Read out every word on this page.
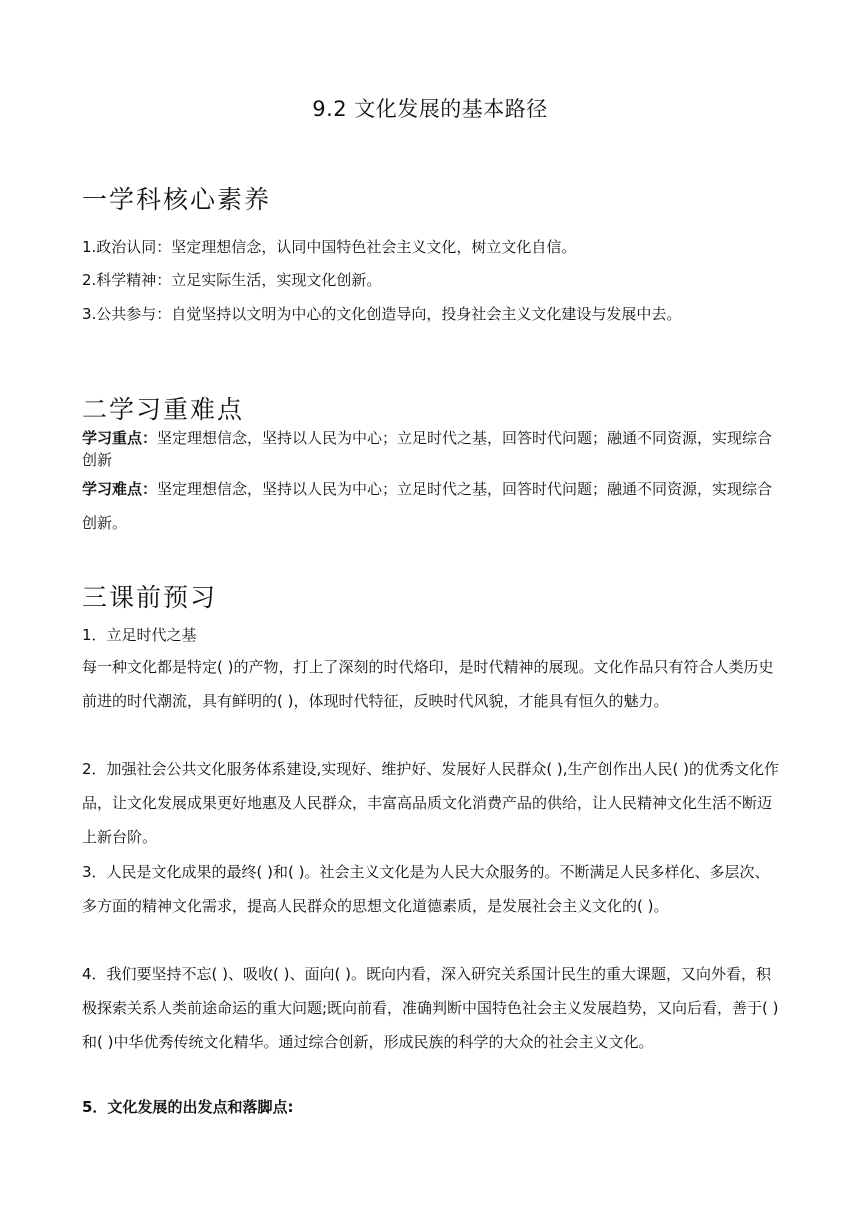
9.2 文化发展的基本路径
一学科核心素养
1.政治认同：坚定理想信念，认同中国特色社会主义文化，树立文化自信。
2.科学精神：立足实际生活，实现文化创新。
3.公共参与：自觉坚持以文明为中心的文化创造导向，投身社会主义文化建设与发展中去。
二学习重难点
学习重点：坚定理想信念，坚持以人民为中心；立足时代之基，回答时代问题；融通不同资源，实现综合创新
学习难点：坚定理想信念，坚持以人民为中心；立足时代之基，回答时代问题；融通不同资源，实现综合创新。
三课前预习
1．立足时代之基
每一种文化都是特定( )的产物，打上了深刻的时代烙印，是时代精神的展现。文化作品只有符合人类历史前进的时代潮流，具有鲜明的( )，体现时代特征，反映时代风貌，才能具有恒久的魅力。
2．加强社会公共文化服务体系建设,实现好、维护好、发展好人民群众( ),生产创作出人民( )的优秀文化作品，让文化发展成果更好地惠及人民群众，丰富高品质文化消费产品的供给，让人民精神文化生活不断迈上新台阶。
3．人民是文化成果的最终( )和( )。社会主义文化是为人民大众服务的。不断满足人民多样化、多层次、多方面的精神文化需求，提高人民群众的思想文化道德素质，是发展社会主义文化的( )。
4．我们要坚持不忘( )、吸收( )、面向( )。既向内看，深入研究关系国计民生的重大课题，又向外看，积极探索关系人类前途命运的重大问题;既向前看，准确判断中国特色社会主义发展趋势，又向后看，善于( )和( )中华优秀传统文化精华。通过综合创新，形成民族的科学的大众的社会主义文化。
5．文化发展的出发点和落脚点:
